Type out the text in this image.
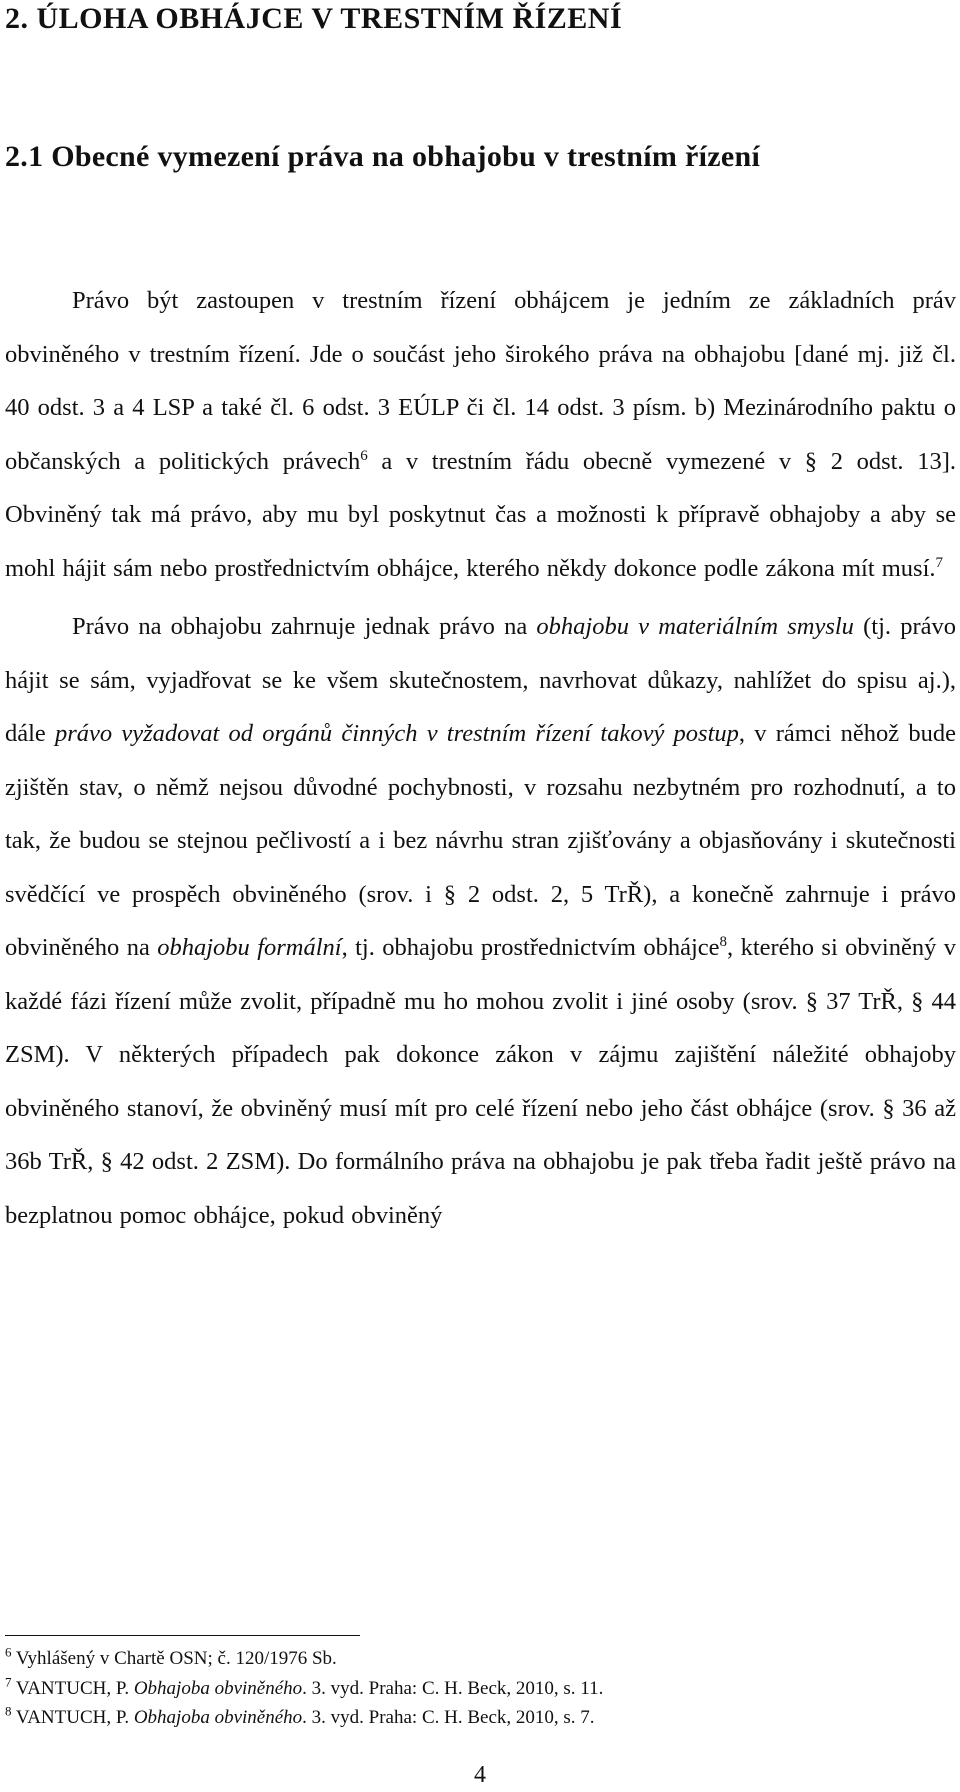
2. ÚLOHA OBHÁJCE V TRESTNÍM ŘÍZENÍ
2.1 Obecné vymezení práva na obhajobu v trestním řízení

Právo být zastoupen v trestním řízení obhájcem je jedním ze základních práv obviněného v trestním řízení. Jde o součást jeho širokého práva na obhajobu [dané mj. již čl. 40 odst. 3 a 4 LSP a také čl. 6 odst. 3 EÚLP či čl. 14 odst. 3 písm. b) Mezinárodního paktu o občanských a politických právech$^6$ a v trestním řádu obecně vymezené v § 2 odst. 13]. Obviněný tak má právo, aby mu byl poskytnut čas a možnosti k přípravě obhajoby a aby se mohl hájit sám nebo prostřednictvím obhájce, kterého někdy dokonce podle zákona mít musí.$^7$

Právo na obhajobu zahrnuje jednak právo na obhajobu v materiálním smyslu (tj. právo hájit se sám, vyjadřovat se ke všem skutečnostem, navrhovat důkazy, nahlížet do spisu aj.), dále právo vyžadovat od orgánů činných v trestním řízení takový postup, v rámci něhož bude zjištěn stav, o němž nejsou důvodné pochybnosti, v rozsahu nezbytném pro rozhodnutí, a to tak, že budou se stejnou pečlivostí a i bez návrhu stran zjišťovány a objasňovány i skutečnosti svědčící ve prospěch obviněného (srov. i § 2 odst. 2, 5 TrŘ), a konečně zahrnuje i právo obviněného na obhajobu formální, tj. obhajobu prostřednictvím obhájce$^8$, kterého si obviněný v každé fázi řízení může zvolit, případně mu ho mohou zvolit i jiné osoby (srov. § 37 TrŘ, § 44 ZSM). V některých případech pak dokonce zákon v zájmu zajištění náležité obhajoby obviněného stanoví, že obviněný musí mít pro celé řízení nebo jeho část obhájce (srov. § 36 až 36b TrŘ, § 42 odst. 2 ZSM). Do formálního práva na obhajobu je pak třeba řadit ještě právo na bezplatnou pomoc obhájce, pokud obviněný

$^6$ Vyhlášený v Chartě OSN; č. 120/1976 Sb.
$^7$ VANTUCH, P. Obhajoba obviněného. 3. vyd. Praha: C. H. Beck, 2010, s. 11.
$^8$ VANTUCH, P. Obhajoba obviněného. 3. vyd. Praha: C. H. Beck, 2010, s. 7.
4
